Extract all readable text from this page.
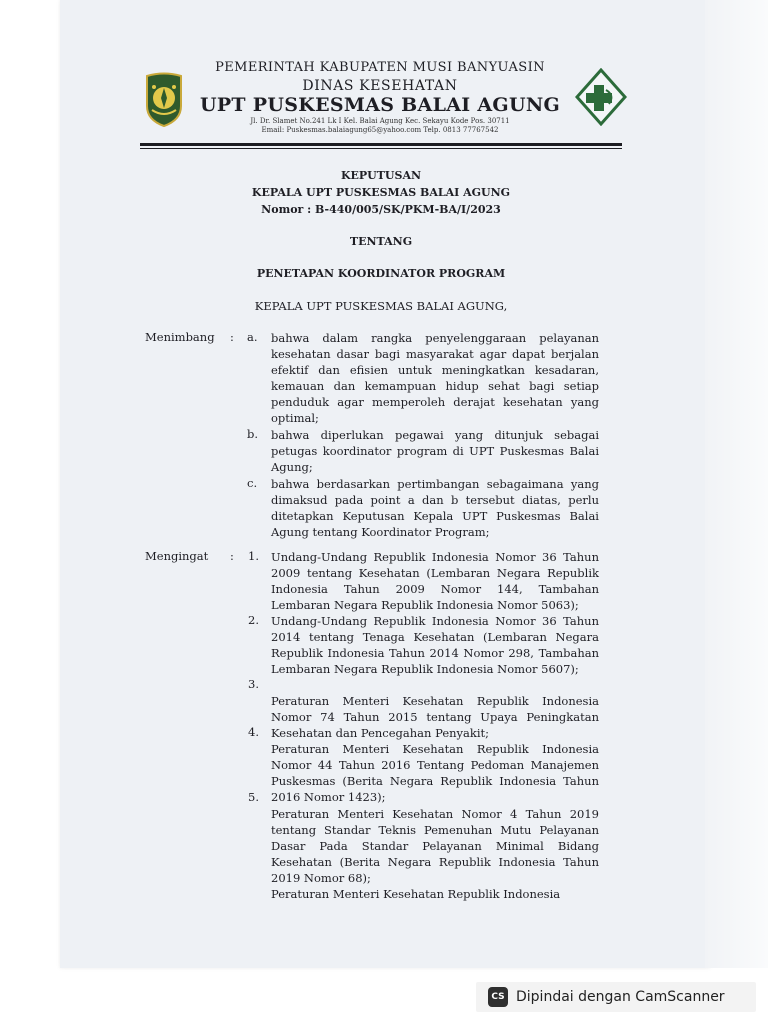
PEMERINTAH KABUPATEN MUSI BANYUASIN
DINAS KESEHATAN
UPT PUSKESMAS BALAI AGUNG
Jl. Dr. Slamet No.241 Lk I Kel. Balai Agung Kec. Sekayu Kode Pos. 30711
Email: Puskesmas.balaiagung65@yahoo.com Telp. 0813 77767542
KEPUTUSAN
KEPALA UPT PUSKESMAS BALAI AGUNG
Nomor : B-440/005/SK/PKM-BA/I/2023
TENTANG
PENETAPAN KOORDINATOR PROGRAM
KEPALA UPT PUSKESMAS BALAI AGUNG,
Menimbang : a. bahwa dalam rangka penyelenggaraan pelayanan kesehatan dasar bagi masyarakat agar dapat berjalan efektif dan efisien untuk meningkatkan kesadaran, kemauan dan kemampuan hidup sehat bagi setiap penduduk agar memperoleh derajat kesehatan yang optimal;
b. bahwa diperlukan pegawai yang ditunjuk sebagai petugas koordinator program di UPT Puskesmas Balai Agung;
c. bahwa berdasarkan pertimbangan sebagaimana yang dimaksud pada point a dan b tersebut diatas, perlu ditetapkan Keputusan Kepala UPT Puskesmas Balai Agung tentang Koordinator Program;
Mengingat : 1.
2.
3.
4.
5.
Undang-Undang Republik Indonesia Nomor 36 Tahun 2009 tentang Kesehatan (Lembaran Negara Republik Indonesia Tahun 2009 Nomor 144, Tambahan Lembaran Negara Republik Indonesia Nomor 5063);
Undang-Undang Republik Indonesia Nomor 36 Tahun 2014 tentang Tenaga Kesehatan (Lembaran Negara Republik Indonesia Tahun 2014 Nomor 298, Tambahan Lembaran Negara Republik Indonesia Nomor 5607);
Peraturan Menteri Kesehatan Republik Indonesia Nomor 74 Tahun 2015 tentang Upaya Peningkatan Kesehatan dan Pencegahan Penyakit;
Peraturan Menteri Kesehatan Republik Indonesia Nomor 44 Tahun 2016 Tentang Pedoman Manajemen Puskesmas (Berita Negara Republik Indonesia Tahun 2016 Nomor 1423);
Peraturan Menteri Kesehatan Nomor 4 Tahun 2019 tentang Standar Teknis Pemenuhan Mutu Pelayanan Dasar Pada Standar Pelayanan Minimal Bidang Kesehatan (Berita Negara Republik Indonesia Tahun 2019 Nomor 68);
Peraturan Menteri Kesehatan Republik Indonesia
CS Dipindai dengan CamScanner
